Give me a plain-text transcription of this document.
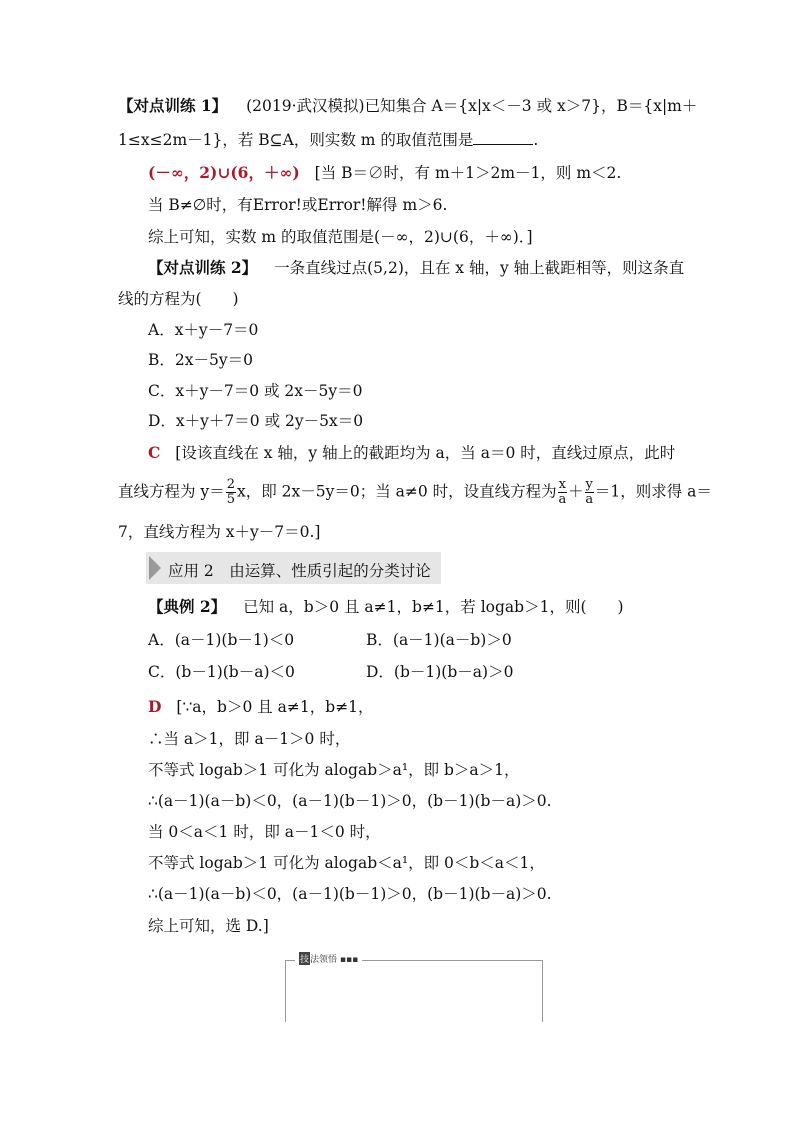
【对点训练 1】 (2019·武汉模拟)已知集合 A＝{x|x＜－3 或 x＞7}，B＝{x|m＋
1≤x≤2m－1}，若 B⊆A，则实数 m 的取值范围是	.
(－∞，2)∪(6，＋∞) [当 B＝∅时，有 m＋1＞2m－1，则 m＜2.
当 B≠∅时，有Error!或Error!解得 m＞6.
综上可知，实数 m 的取值范围是(－∞，2)∪(6，＋∞)．]
【对点训练 2】 一条直线过点(5,2)，且在 x 轴，y 轴上截距相等，则这条直
线的方程为(　　)
A．x＋y－7＝0
B．2x－5y＝0
C．x＋y－7＝0 或 2x－5y＝0
D．x＋y＋7＝0 或 2y－5x＝0
C [设该直线在 x 轴，y 轴上的截距均为 a，当 a＝0 时，直线过原点，此时
直线方程为 $y= \frac{2}{5}$ x，即 2x－5y＝0；当 a≠0 时，设直线方程为 $\frac{x}{a} + \frac{y}{a} =1$，则求得 a＝
7，直线方程为 x＋y－7＝0.]
应用 2　由运算、性质引起的分类讨论
【典例 2】 已知 a，b＞0 且 a≠1，b≠1，若 logab＞1，则(　　)
A．(a－1)(b－1)＜0	B．(a－1)(a－b)＞0
C．(b－1)(b－a)＜0	D．(b－1)(b－a)＞0
D [∵a，b＞0 且 a≠1，b≠1，
∴当 a＞1，即 a－1＞0 时，
不等式 logab＞1 可化为 alogab＞a¹，即 b＞a＞1，
∴(a－1)(a－b)＜0，(a－1)(b－1)＞0，(b－1)(b－a)＞0.
当 0＜a＜1 时，即 a－1＜0 时，
不等式 logab＞1 可化为 alogab＜a¹，即 0＜b＜a＜1，
∴(a－1)(a－b)＜0，(a－1)(b－1)＞0，(b－1)(b－a)＞0.
综上可知，选 D.]
技法领悟 ▪▪▪
